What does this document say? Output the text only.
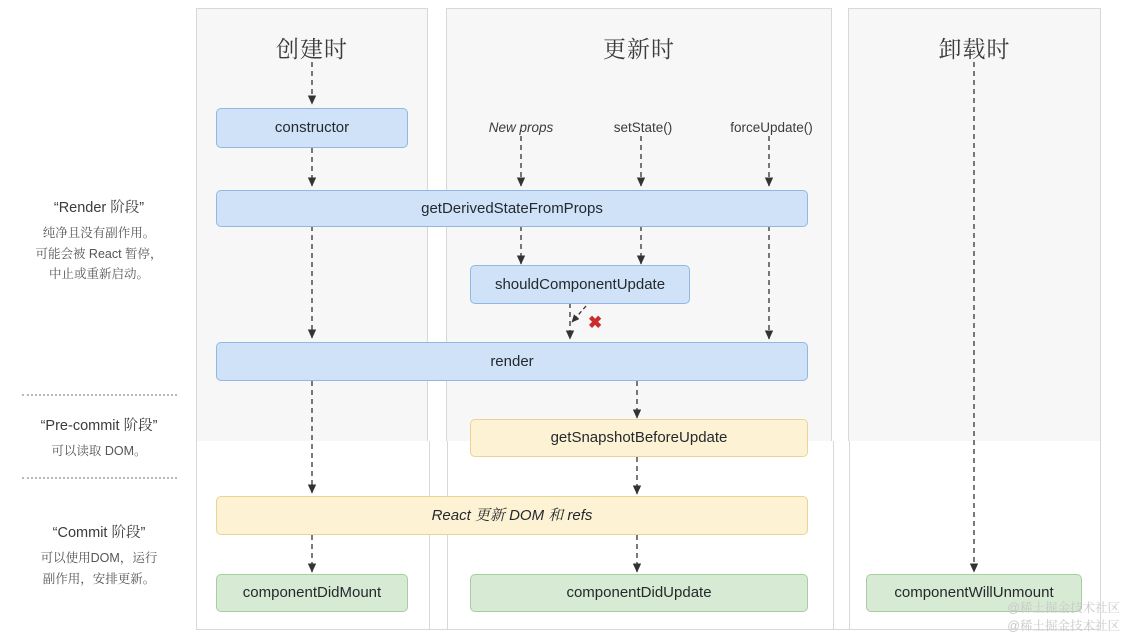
创建时	更新时	卸载时
“Render 阶段”
纯净且没有副作用。
可能会被 React 暂停，
中止或重新启动。
“Pre-commit 阶段”
可以读取 DOM。
“Commit 阶段”
可以使用DOM，运行
副作用，安排更新。
New props	setState()	forceUpdate()
✖
constructor
getDerivedStateFromProps
shouldComponentUpdate
render
getSnapshotBeforeUpdate
React 更新 DOM 和 refs
componentDidMount	componentDidUpdate	componentWillUnmount
@稀土掘金技术社区
@稀土掘金技术社区
